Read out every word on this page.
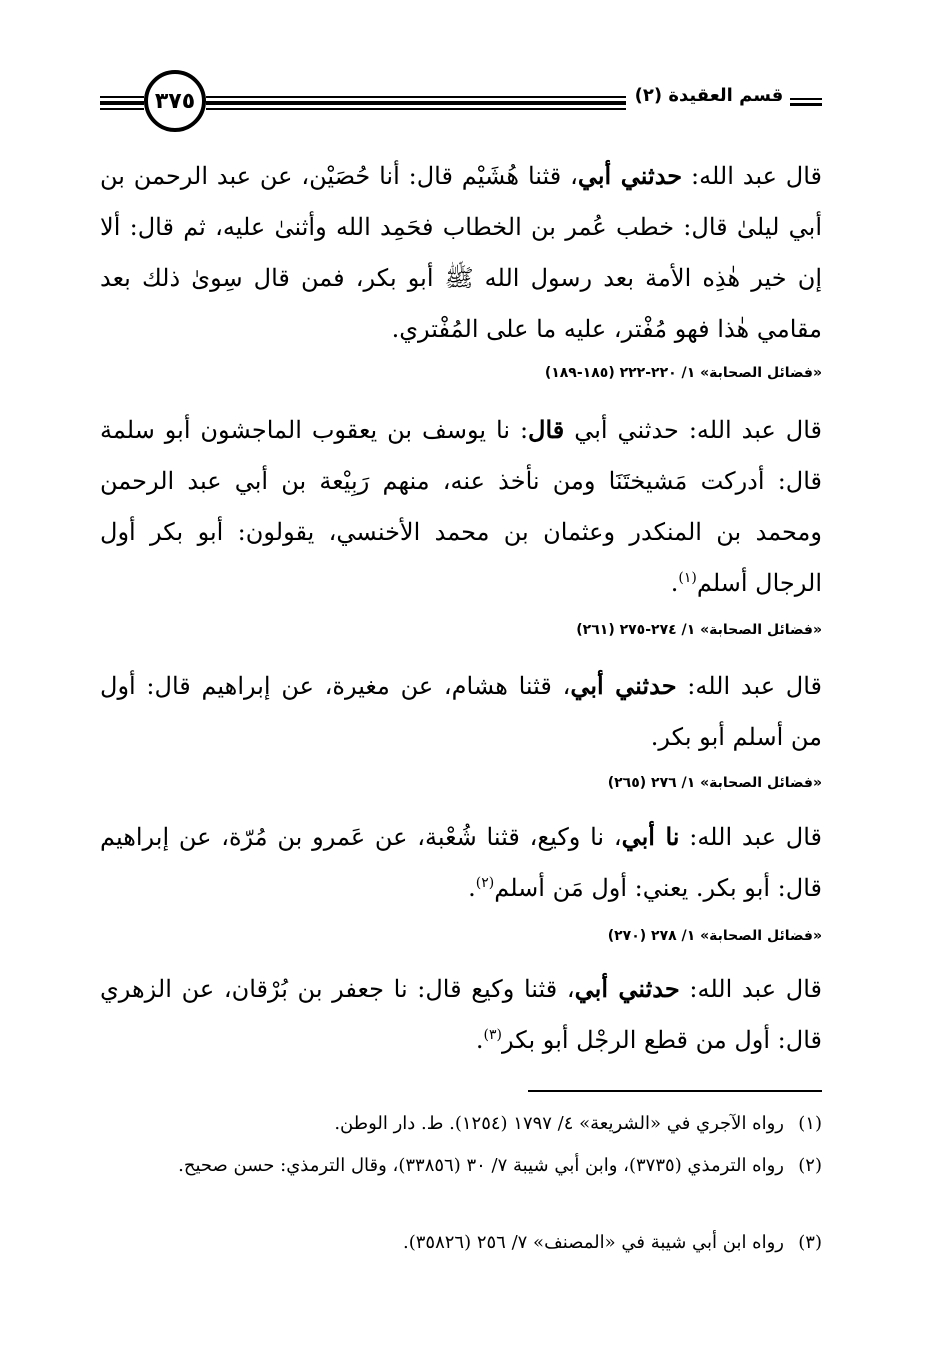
٣٧٥	قسم العقيدة (٢)
قال عبد الله: حدثني أبي، قثنا هُشَيْم قال: أنا حُصَيْن، عن عبد الرحمن بن أبي ليلىٰ قال: خطب عُمر بن الخطاب فحَمِد الله وأثنىٰ عليه، ثم قال: ألا إن خير هٰذِه الأمة بعد رسول الله ﷺ أبو بكر، فمن قال سِوىٰ ذلك بعد مقامي هٰذا فهو مُفْتر، عليه ما على المُفْتري.
«فضائل الصحابة» ١/ ٢٢٠-٢٢٢ (١٨٥-١٨٩)
قال عبد الله: حدثني أبي قال: نا يوسف بن يعقوب الماجشون أبو سلمة قال: أدركت مَشيختَنَا ومن نأخذ عنه، منهم رَبِيْعة بن أبي عبد الرحمن ومحمد بن المنكدر وعثمان بن محمد الأخنسي، يقولون: أبو بكر أول الرجال أسلم$^{(١)}$.
«فضائل الصحابة» ١/ ٢٧٤-٢٧٥ (٢٦١)
قال عبد الله: حدثني أبي، قثنا هشام، عن مغيرة، عن إبراهيم قال: أول من أسلم أبو بكر.
«فضائل الصحابة» ١/ ٢٧٦ (٢٦٥)
قال عبد الله: نا أبي، نا وكيع، قثنا شُعْبة، عن عَمرو بن مُرّة، عن إبراهيم قال: أبو بكر. يعني: أول مَن أسلم$^{(٢)}$.
«فضائل الصحابة» ١/ ٢٧٨ (٢٧٠)
قال عبد الله: حدثني أبي، قثنا وكيع قال: نا جعفر بن بُرْقان، عن الزهري قال: أول من قطع الرجْل أبو بكر$^{(٣)}$.
(١)رواه الآجري في «الشريعة» ٤/ ١٧٩٧ (١٢٥٤). ط. دار الوطن.
(٢)رواه الترمذي (٣٧٣٥)، وابن أبي شيبة ٧/ ٣٠ (٣٣٨٥٦)، وقال الترمذي: حسن صحيح.
(٣)رواه ابن أبي شيبة في «المصنف» ٧/ ٢٥٦ (٣٥٨٢٦).
